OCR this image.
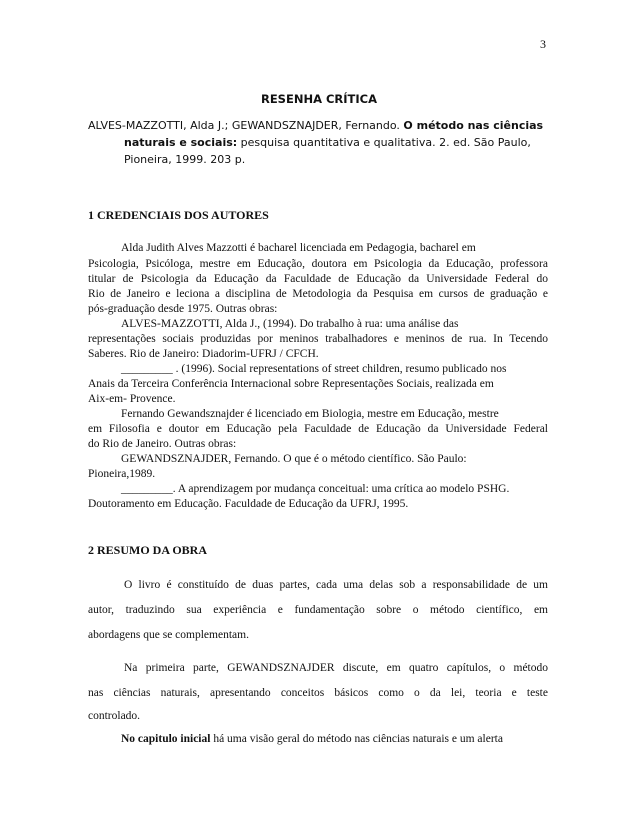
3
RESENHA CRÍTICA
ALVES-MAZZOTTI, Alda J.; GEWANDSZNAJDER, Fernando. O método nas ciências
naturais e sociais: pesquisa quantitativa e qualitativa. 2. ed. São Paulo,
Pioneira, 1999. 203 p.
1 CREDENCIAIS DOS AUTORES
Alda Judith Alves Mazzotti é bacharel licenciada em Pedagogia, bacharel em
Psicologia, Psicóloga, mestre em Educação, doutora em Psicologia da Educação, professora
titular de Psicologia da Educação da Faculdade de Educação da Universidade Federal do
Rio de Janeiro e leciona a disciplina de Metodologia da Pesquisa em cursos de graduação e
pós-graduação desde 1975. Outras obras:
ALVES-MAZZOTTI, Alda J., (1994). Do trabalho à rua: uma análise das
representações sociais produzidas por meninos trabalhadores e meninos de rua. In Tecendo
Saberes. Rio de Janeiro: Diadorim-UFRJ / CFCH.
_________ . (1996). Social representations of street children, resumo publicado nos
Anais da Terceira Conferência Internacional sobre Representações Sociais, realizada em
Aix-em- Provence.
Fernando Gewandsznajder é licenciado em Biologia, mestre em Educação, mestre
em Filosofia e doutor em Educação pela Faculdade de Educação da Universidade Federal
do Rio de Janeiro. Outras obras:
GEWANDSZNAJDER, Fernando. O que é o método científico. São Paulo:
Pioneira,1989.
_________. A aprendizagem por mudança conceitual: uma crítica ao modelo PSHG.
Doutoramento em Educação. Faculdade de Educação da UFRJ, 1995.
2 RESUMO DA OBRA
O livro é constituído de duas partes, cada uma delas sob a responsabilidade de um
autor, traduzindo sua experiência e fundamentação sobre o método científico, em
abordagens que se complementam.
Na primeira parte, GEWANDSZNAJDER discute, em quatro capítulos, o método
nas ciências naturais, apresentando conceitos básicos como o da lei, teoria e teste
controlado.
No capitulo inicial há uma visão geral do método nas ciências naturais e um alerta
